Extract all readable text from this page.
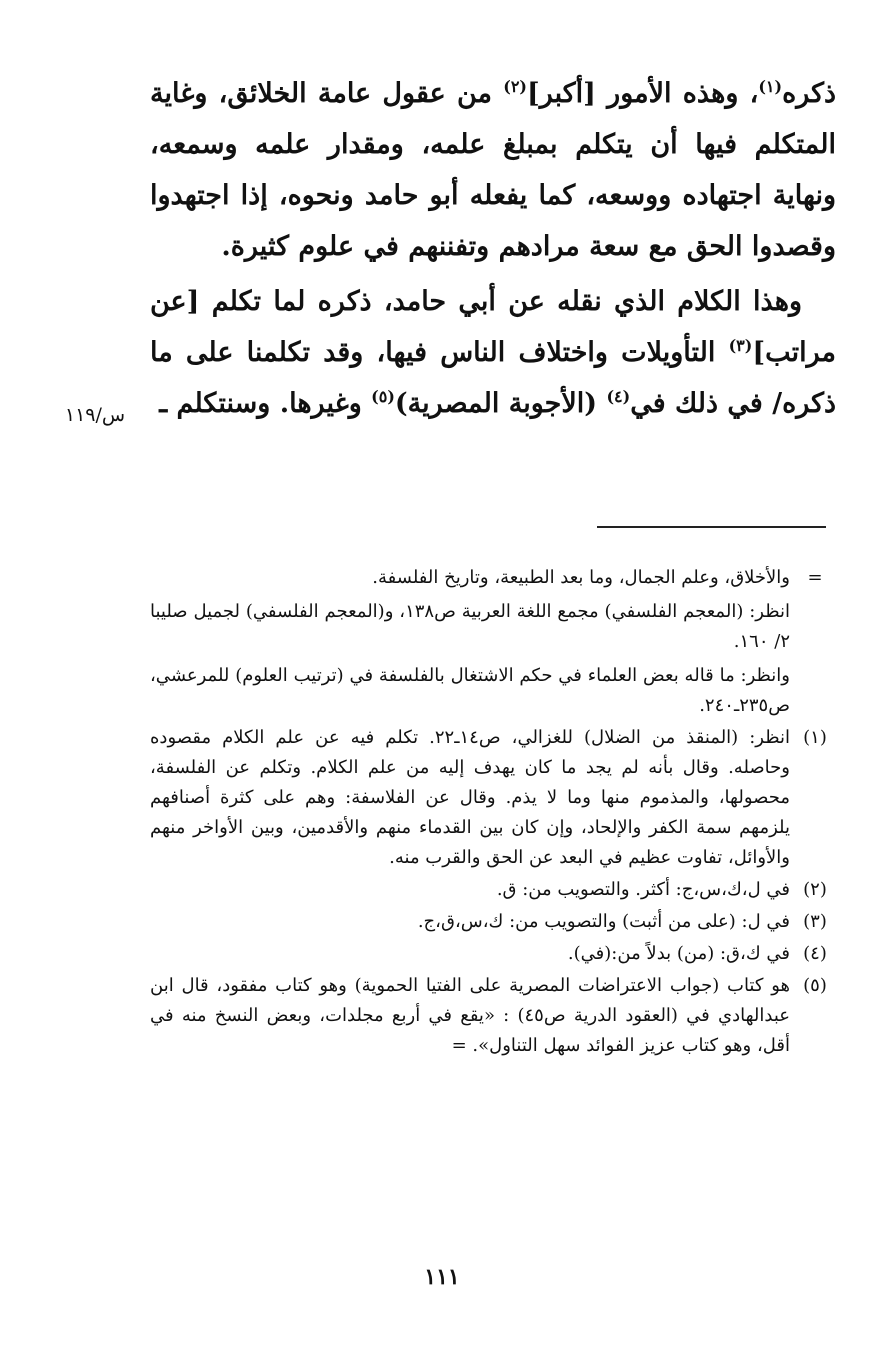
ذكره$^{(١)}$، وهذه الأمور [أكبر]$^{(٢)}$ من عقول عامة الخلائق، وغاية المتكلم فيها أن يتكلم بمبلغ علمه، ومقدار علمه وسمعه، ونهاية اجتهاده ووسعه، كما يفعله أبو حامد ونحوه، إذا اجتهدوا وقصدوا الحق مع سعة مرادهم وتفننهم في علوم كثيرة.

وهذا الكلام الذي نقله عن أبي حامد، ذكره لما تكلم [عن مراتب]$^{(٣)}$ التأويلات واختلاف الناس فيها، وقد تكلمنا على ما ذكره/ في ذلك في$^{(٤)}$ (الأجوبة المصرية)$^{(٥)}$ وغيرها. وسنتكلم ـ

س/١١٩
=

والأخلاق، وعلم الجمال، وما بعد الطبيعة، وتاريخ الفلسفة.

انظر: (المعجم الفلسفي) مجمع اللغة العربية ص١٣٨، و(المعجم الفلسفي) لجميل صليبا ٢/ ١٦٠.

وانظر: ما قاله بعض العلماء في حكم الاشتغال بالفلسفة في (ترتيب العلوم) للمرعشي، ص٢٣٥ـ٢٤٠.

(١)
انظر: (المنقذ من الضلال) للغزالي، ص١٤ـ٢٢. تكلم فيه عن علم الكلام مقصوده وحاصله. وقال بأنه لم يجد ما كان يهدف إليه من علم الكلام. وتكلم عن الفلسفة، محصولها، والمذموم منها وما لا يذم. وقال عن الفلاسفة: وهم على كثرة أصنافهم يلزمهم سمة الكفر والإلحاد، وإن كان بين القدماء منهم والأقدمين، وبين الأواخر منهم والأوائل، تفاوت عظيم في البعد عن الحق والقرب منه.
(٢)
في ل،ك،س،ج: أكثر. والتصويب من: ق.
(٣)
في ل: (على من أثبت) والتصويب من: ك،س،ق،ج.
(٤)
في ك،ق: (من) بدلاً من:(في).
(٥)
هو كتاب (جواب الاعتراضات المصرية على الفتيا الحموية) وهو كتاب مفقود، قال ابن عبدالهادي في (العقود الدرية ص٤٥) : «يقع في أربع مجلدات، وبعض النسخ منه في أقل، وهو كتاب عزيز الفوائد سهل التناول». =
١١١
